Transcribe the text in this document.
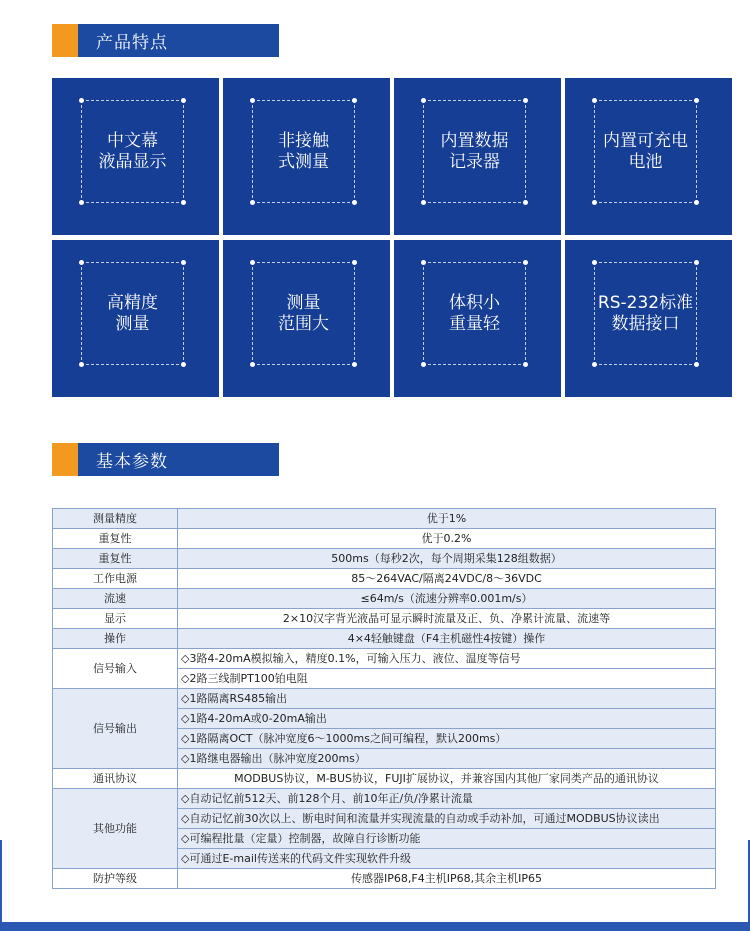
产品特点
中文幕
液晶显示
非接触
式测量
内置数据
记录器
内置可充电
电池
高精度
测量
测量
范围大
体积小
重量轻
RS-232标准
数据接口
基本参数
测量精度	优于1%
重复性	优于0.2%
重复性	500ms（每秒2次，每个周期采集128组数据）
工作电源	85～264VAC/隔离24VDC/8～36VDC
流速	≤64m/s（流速分辨率0.001m/s）
显示	2×10汉字背光液晶可显示瞬时流量及正、负、净累计流量、流速等
操作	4×4轻触键盘（F4主机磁性4按键）操作
信号输入	◇3路4-20mA模拟输入，精度0.1%，可输入压力、液位、温度等信号
	◇2路三线制PT100铂电阻
信号输出	◇1路隔离RS485输出
	◇1路4-20mA或0-20mA输出
	◇1路隔离OCT（脉冲宽度6～1000ms之间可编程，默认200ms）
	◇1路继电器输出（脉冲宽度200ms）
通讯协议	MODBUS协议，M-BUS协议，FUJI扩展协议，并兼容国内其他厂家同类产品的通讯协议
其他功能	◇自动记忆前512天、前128个月、前10年正/负/净累计流量
	◇自动记忆前30次以上、断电时间和流量并实现流量的自动或手动补加，可通过MODBUS协议读出
	◇可编程批量（定量）控制器，故障自行诊断功能
	◇可通过E-mail传送来的代码文件实现软件升级
防护等级	传感器IP68,F4主机IP68,其余主机IP65
